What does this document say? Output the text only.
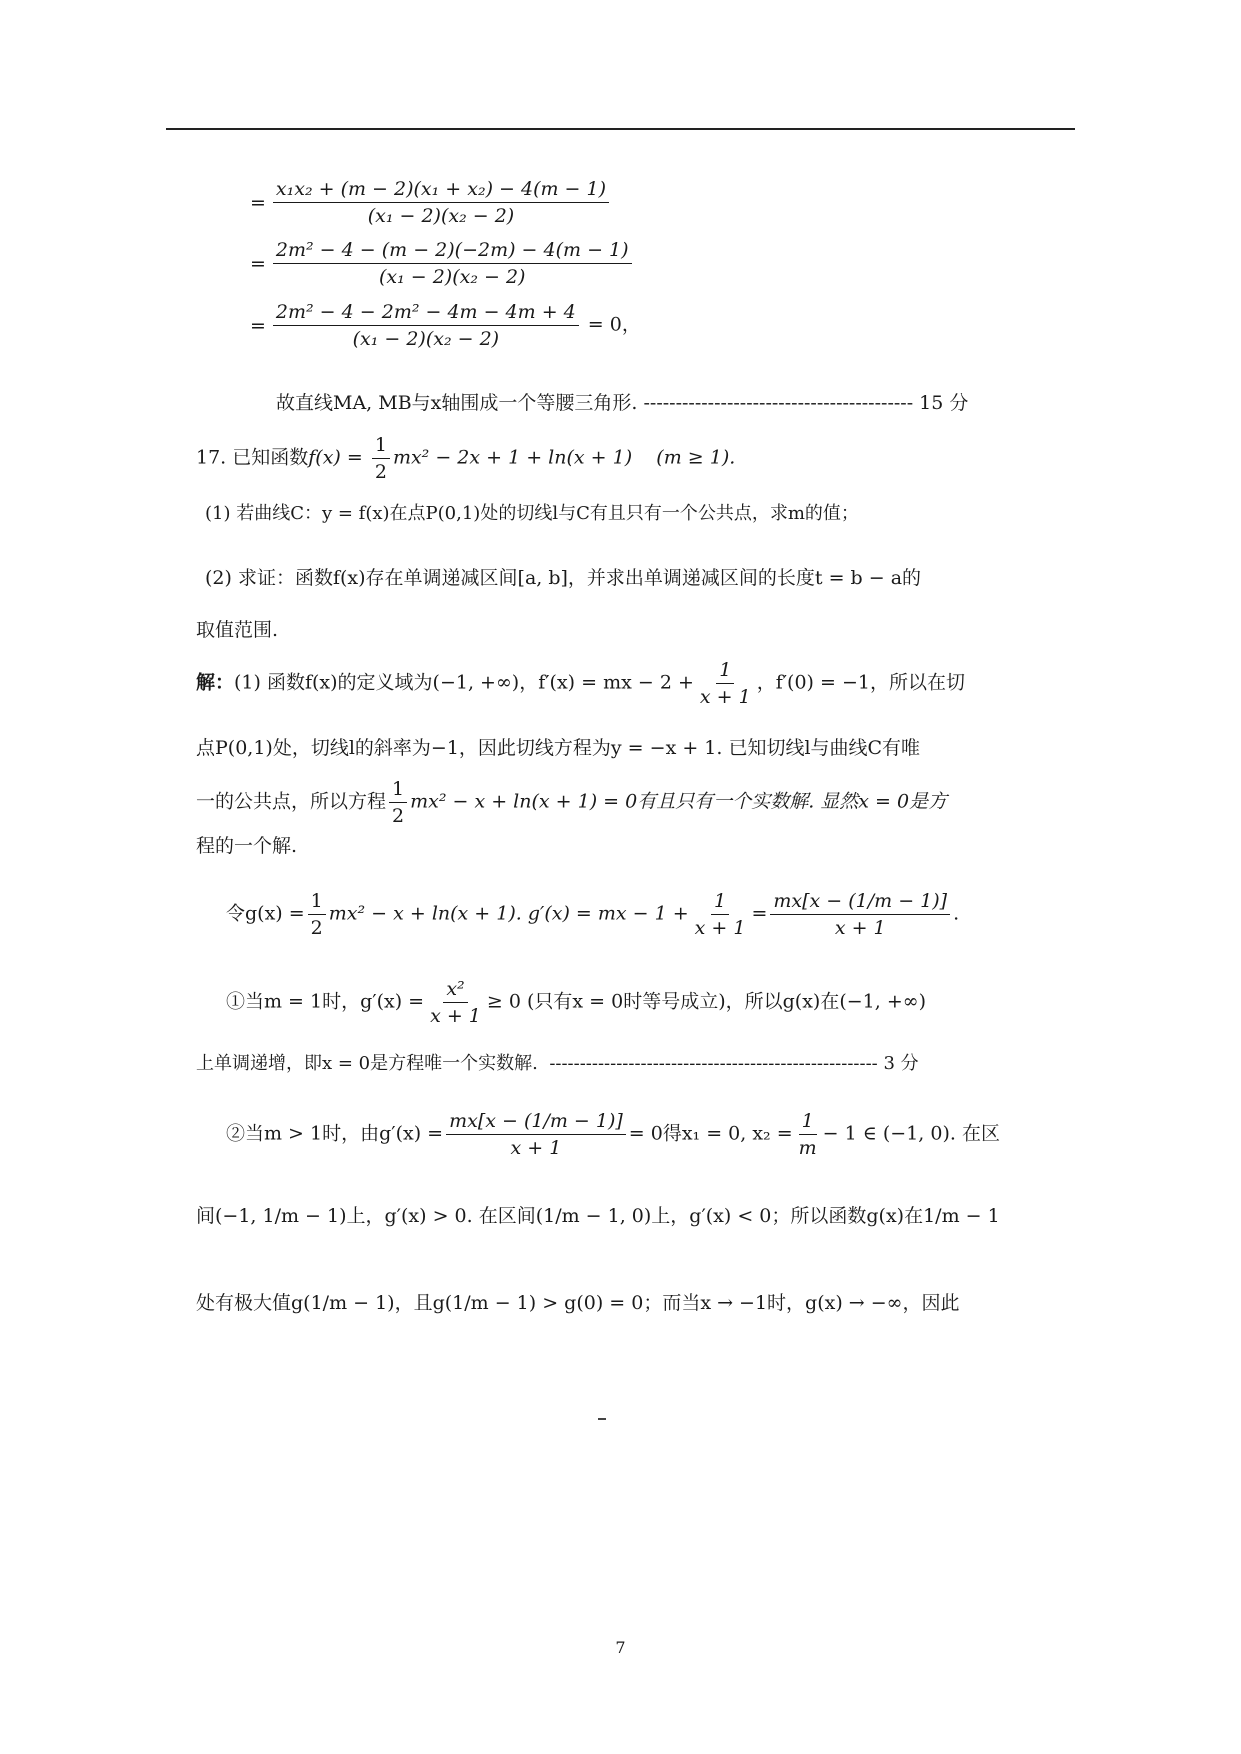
= $\frac{\text{x₁x₂ + (m − 2)(x₁ + x₂) − 4(m − 1)}}{\text{(x₁ − 2)(x₂ − 2)}}$
= $\frac{\text{2m² − 4 − (m − 2)(−2m) − 4(m − 1)}}{\text{(x₁ − 2)(x₂ − 2)}}$
= $\frac{\text{2m² − 4 − 2m² − 4m − 4m + 4}}{\text{(x₁ − 2)(x₂ − 2)}} = 0$，
故直线MA, MB与x轴围成一个等腰三角形. ------------------------------------------ 15 分
17. 已知函数$f(x) = \frac{1}{2} mx^2 - 2x + 1 + \ln(x + 1) (m \ge 1)$.
(1) 若曲线C：y = f(x)在点P(0,1)处的切线l与C有且只有一个公共点，求m的值；
(2) 求证：函数f(x)存在单调递减区间[a, b]，并求出单调递减区间的长度t = b − a的
取值范围.
解：(1) 函数f(x)的定义域为(−1, +∞)，f′(x) = mx − $2 + \frac{1}{x + 1}$ ，f′(0) = −1，所以在切
点P(0,1)处，切线l的斜率为−1，因此切线方程为y = −x + 1. 已知切线l与曲线C有唯
一的公共点，所以方程 $\frac{1}{2} mx^2 - x + \ln(x + 1) = 0$有且只有一个实数解. 显然x = 0是方
程的一个解.
令$g(x) = \frac{1}{2} mx^2 - x + \ln(x + 1)$. g′(x) = mx − $1 + \frac{1}{x + 1} = \frac{mx[x - (1/m - 1)]}{x + 1}$ .
①当m = 1时，$g'(x) = \frac{\text{x²}}{x + 1} \ge 0$ (只有x = 0时等号成立)，所以g(x)在(−1, +∞)
上单调递增，即x = 0是方程唯一个实数解. ------------------------------------------------------ 3 分
②当m > 1时，由$g'(x) = \frac{mx[x - (1/m - 1)]}{x + 1} = 0$得x₁ = 0, $x_2 = \frac{1}{m} - 1$ ∈ (−1, 0). 在区
间(−1, 1/m − 1)上，g′(x) > 0. 在区间(1/m − 1, 0)上，g′(x) < 0；所以函数g(x)在1/m − 1
处有极大值g(1/m − 1)，且g(1/m − 1) > g(0) = 0；而当x → −1时，g(x) → −∞，因此
7
